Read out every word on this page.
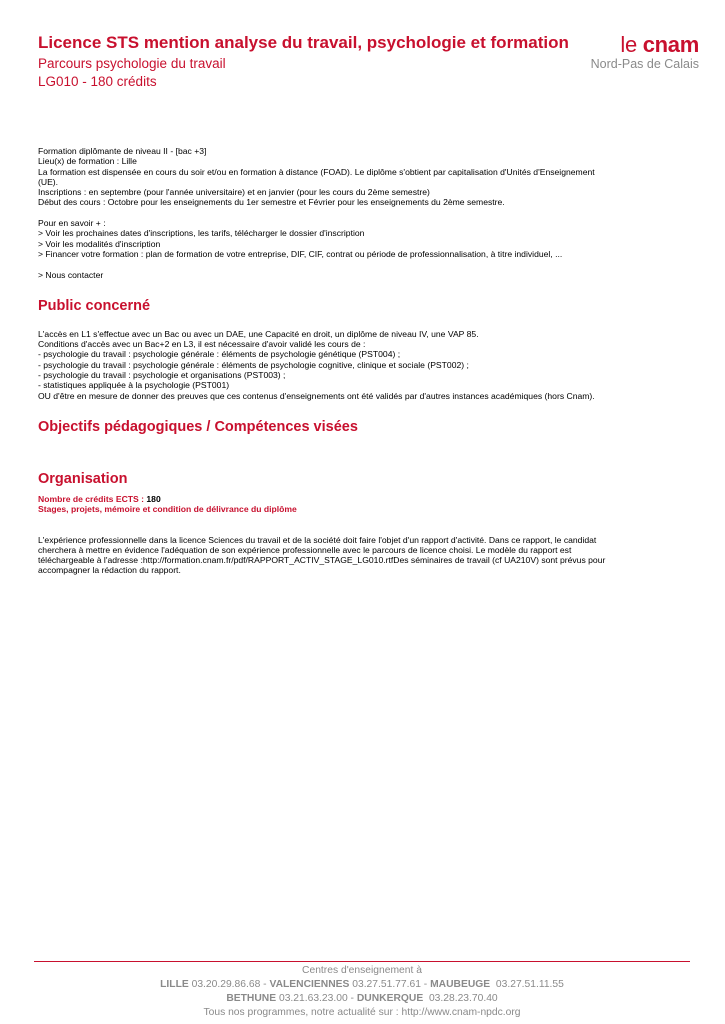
Licence STS mention analyse du travail, psychologie et formation
Parcours psychologie du travail
LG010 - 180 crédits
le cnam
Nord-Pas de Calais

Formation diplômante de niveau II - [bac +3]

Lieu(x) de formation : Lille

La formation est dispensée en cours du soir et/ou en formation à distance (FOAD). Le diplôme s'obtient par capitalisation d'Unités d'Enseignement

(UE).

Inscriptions : en septembre (pour l'année universitaire) et en janvier (pour les cours du 2ème semestre)

Début des cours : Octobre pour les enseignements du 1er semestre et Février pour les enseignements du 2ème semestre.

Pour en savoir + :

> Voir les prochaines dates d'inscriptions, les tarifs, télécharger le dossier d'inscription

> Voir les modalités d'inscription

> Financer votre formation : plan de formation de votre entreprise, DIF, CIF, contrat ou période de professionnalisation, à titre individuel, ...

> Nous contacter

Public concerné

L'accès en L1 s'effectue avec un Bac ou avec un DAE, une Capacité en droit, un diplôme de niveau IV, une VAP 85.

Conditions d'accès avec un Bac+2 en L3, il est nécessaire d'avoir validé les cours de :

- psychologie du travail : psychologie générale : éléments de psychologie génétique (PST004) ;

- psychologie du travail : psychologie générale : éléments de psychologie cognitive, clinique et sociale (PST002) ;

- psychologie du travail : psychologie et organisations (PST003) ;

- statistiques appliquée à la psychologie (PST001)

OU d'être en mesure de donner des preuves que ces contenus d'enseignements ont été validés par d'autres instances académiques (hors Cnam).

Objectifs pédagogiques / Compétences visées
Organisation

Nombre de crédits ECTS : 180

Stages, projets, mémoire et condition de délivrance du diplôme

L'expérience professionnelle dans la licence Sciences du travail et de la société doit faire l'objet d'un rapport d'activité. Dans ce rapport, le candidat

cherchera à mettre en évidence l'adéquation de son expérience professionnelle avec le parcours de licence choisi. Le modèle du rapport est

téléchargeable à l'adresse :http://formation.cnam.fr/pdf/RAPPORT_ACTIV_STAGE_LG010.rtfDes séminaires de travail (cf UA210V) sont prévus pour

accompagner la rédaction du rapport.

Centres d'enseignement à
LILLE 03.20.29.86.68 - VALENCIENNES 03.27.51.77.61 - MAUBEUGE  03.27.51.11.55
BETHUNE 03.21.63.23.00 - DUNKERQUE  03.28.23.70.40
Tous nos programmes, notre actualité sur : http://www.cnam-npdc.org
